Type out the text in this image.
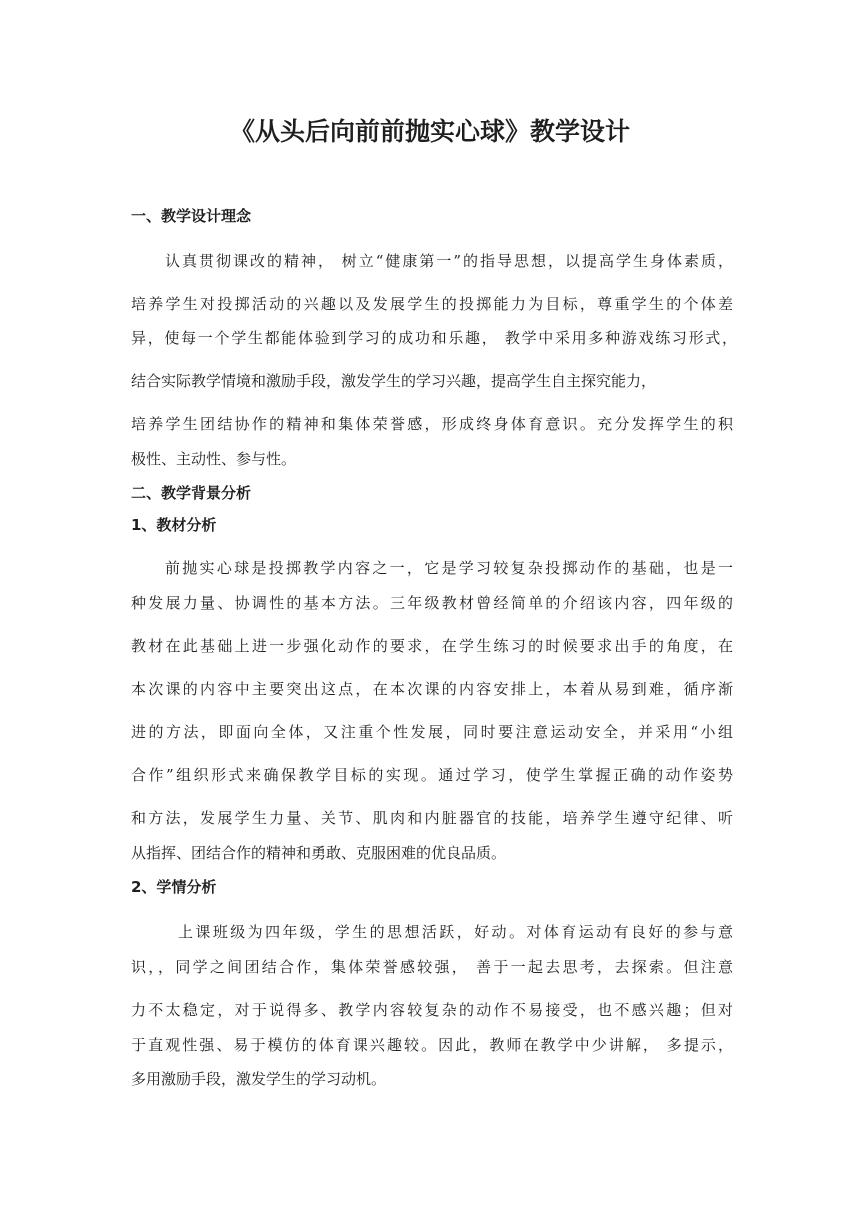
《从头后向前前抛实心球》教学设计
一、教学设计理念

认真贯彻课改的精神， 树立“健康第一”的指导思想，以提高学生身体素质，

培养学生对投掷活动的兴趣以及发展学生的投掷能力为目标，尊重学生的个体差

异，使每一个学生都能体验到学习的成功和乐趣， 教学中采用多种游戏练习形式，

结合实际教学情境和激励手段，激发学生的学习兴趣，提高学生自主探究能力，

培养学生团结协作的精神和集体荣誉感，形成终身体育意识。充分发挥学生的积

极性、主动性、参与性。

二、教学背景分析
1、教材分析

前抛实心球是投掷教学内容之一，它是学习较复杂投掷动作的基础，也是一

种发展力量、协调性的基本方法。三年级教材曾经简单的介绍该内容，四年级的

教材在此基础上进一步强化动作的要求，在学生练习的时候要求出手的角度，在

本次课的内容中主要突出这点，在本次课的内容安排上，本着从易到难，循序渐

进的方法，即面向全体，又注重个性发展，同时要注意运动安全，并采用“小组

合作”组织形式来确保教学目标的实现。通过学习，使学生掌握正确的动作姿势

和方法，发展学生力量、关节、肌肉和内脏器官的技能，培养学生遵守纪律、听

从指挥、团结合作的精神和勇敢、克服困难的优良品质。

2、学情分析

上课班级为四年级，学生的思想活跃，好动。对体育运动有良好的参与意

识，，同学之间团结合作，集体荣誉感较强， 善于一起去思考，去探索。但注意

力不太稳定，对于说得多、教学内容较复杂的动作不易接受，也不感兴趣；但对

于直观性强、易于模仿的体育课兴趣较。因此，教师在教学中少讲解， 多提示，

多用激励手段，激发学生的学习动机。
